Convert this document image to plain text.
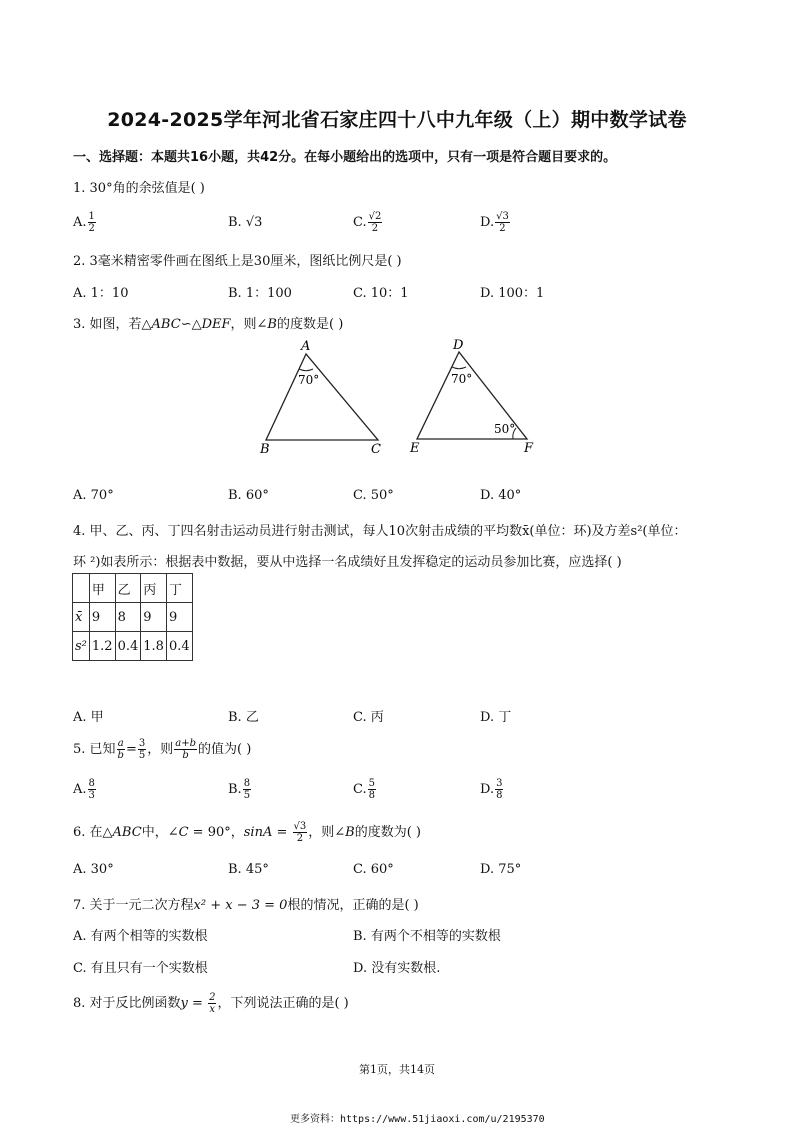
2024-2025学年河北省石家庄四十八中九年级（上）期中数学试卷
一、选择题：本题共16小题，共42分。在每小题给出的选项中，只有一项是符合题目要求的。
1. 30°角的余弦值是( )
A. $\frac{1}{2}$	B. √3	C. $\frac{√2}{2}$	D. $\frac{√3}{2}$
2. 3毫米精密零件画在图纸上是30厘米，图纸比例尺是( )
A. 1：10	B. 1：100	C. 10：1	D. 100：1
3. 如图，若△ABC∽△DEF，则∠B的度数是( )
A
B	C
70°
D
E	F
70°
50°
A. 70°	B. 60°	C. 50°	D. 40°
4. 甲、乙、丙、丁四名射击运动员进行射击测试，每人10次射击成绩的平均数x̄(单位：环)及方差s²(单位：
环 ²)如表所示：根据表中数据，要从中选择一名成绩好且发挥稳定的运动员参加比赛，应选择( )
	甲	乙	丙	丁
x̄	9	8	9	9
s²	1.2	0.4	1.8	0.4
A. 甲	B. 乙	C. 丙	D. 丁
5. 已知 $\frac{a}{b} = \frac{3}{5}$ ，则 $\frac{a+b}{b}$ 的值为( )
A. $\frac{8}{3}$	B. $\frac{8}{5}$	C. $\frac{5}{8}$	D. $\frac{3}{8}$
6. 在△ABC中，∠C = 90°，$\sin A = \frac{√3}{2}$ ，则∠B的度数为( )
A. 30°	B. 45°	C. 60°	D. 75°
7. 关于一元二次方程x² + x − 3 = 0根的情况，正确的是( )
A. 有两个相等的实数根	B. 有两个不相等的实数根
C. 有且只有一个实数根	D. 没有实数根.
8. 对于反比例函数$y = \frac{2}{x}$ ，下列说法正确的是( )
第1页，共14页
更多资料：https://www.51jiaoxi.com/u/2195370
